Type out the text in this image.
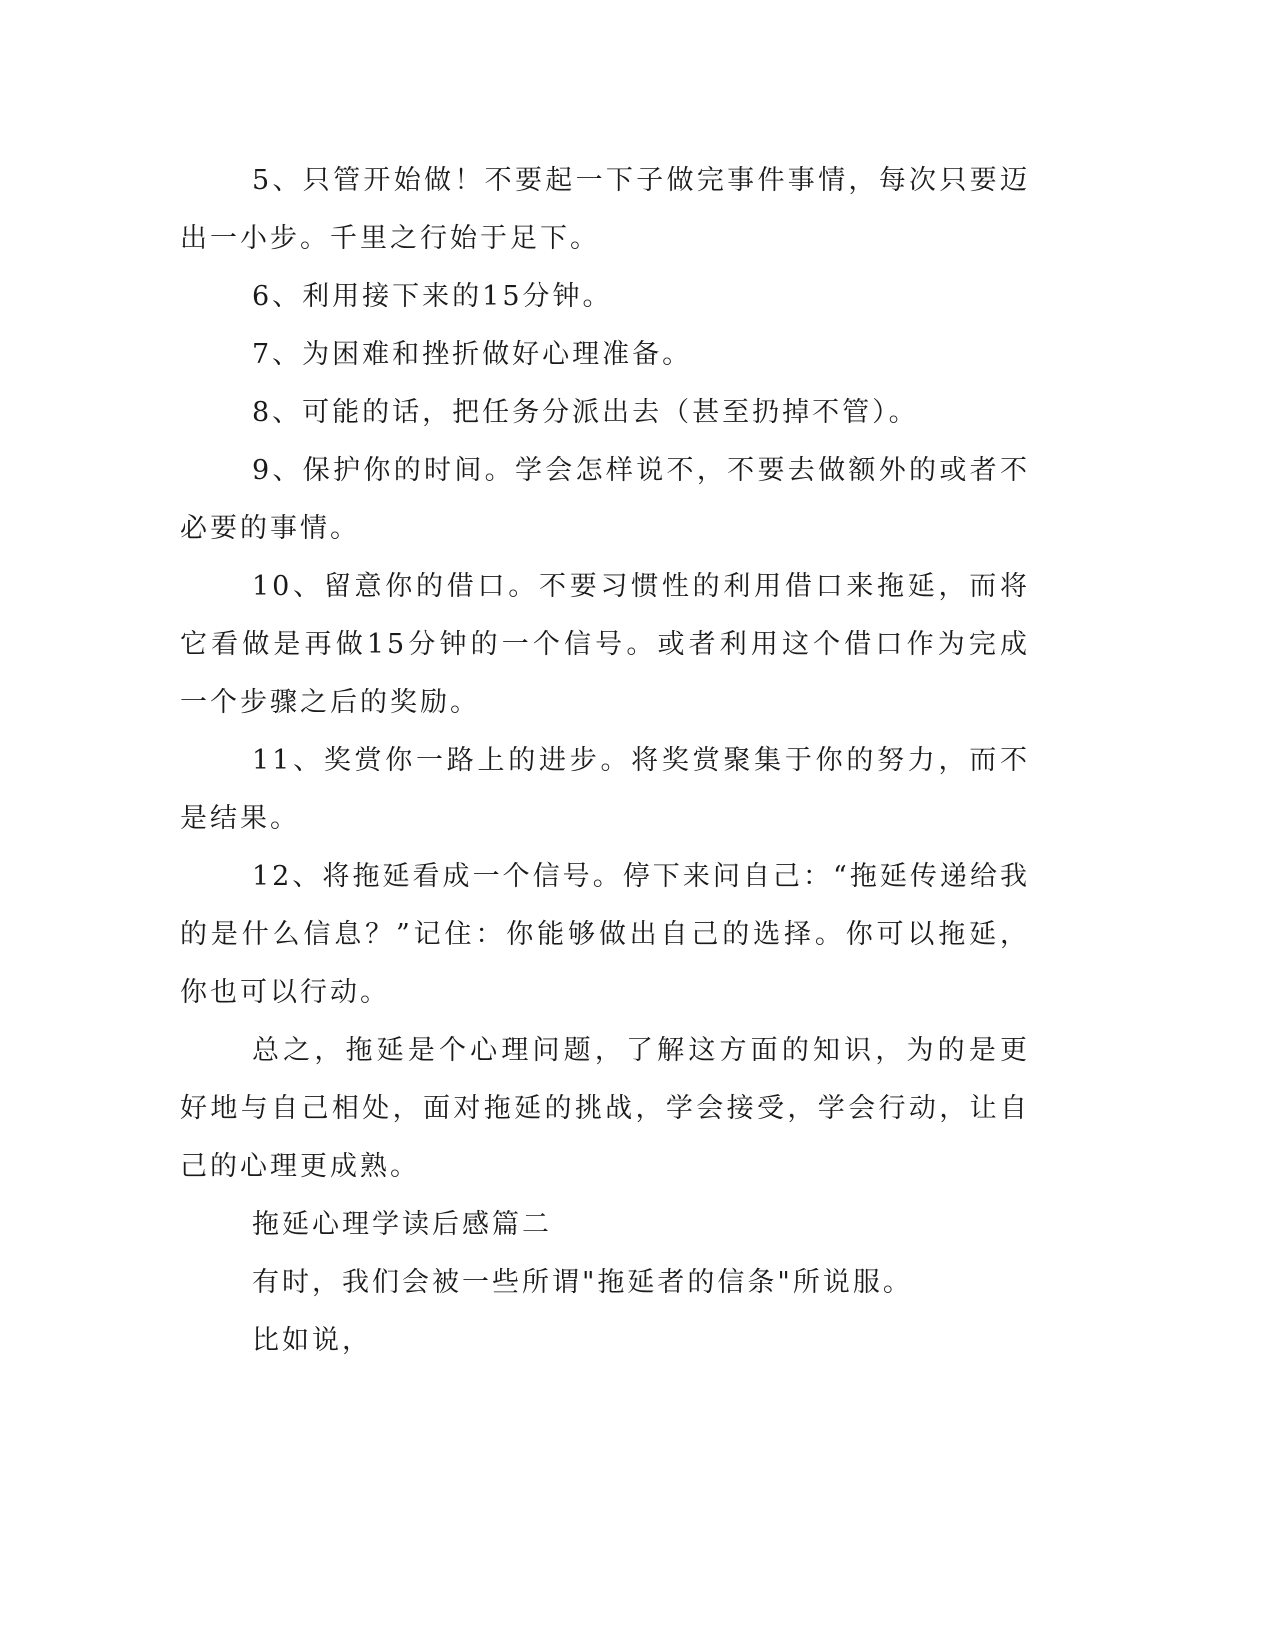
5、只管开始做！不要起一下子做完事件事情，每次只要迈出一小步。千里之行始于足下。

6、利用接下来的15分钟。

7、为困难和挫折做好心理准备。

8、可能的话，把任务分派出去（甚至扔掉不管）。

9、保护你的时间。学会怎样说不，不要去做额外的或者不必要的事情。

10、留意你的借口。不要习惯性的利用借口来拖延，而将它看做是再做15分钟的一个信号。或者利用这个借口作为完成一个步骤之后的奖励。

11、奖赏你一路上的进步。将奖赏聚集于你的努力，而不是结果。

12、将拖延看成一个信号。停下来问自己：“拖延传递给我的是什么信息？”记住：你能够做出自己的选择。你可以拖延，你也可以行动。

总之，拖延是个心理问题，了解这方面的知识，为的是更好地与自己相处，面对拖延的挑战，学会接受，学会行动，让自己的心理更成熟。

拖延心理学读后感篇二

有时，我们会被一些所谓"拖延者的信条"所说服。

比如说，
